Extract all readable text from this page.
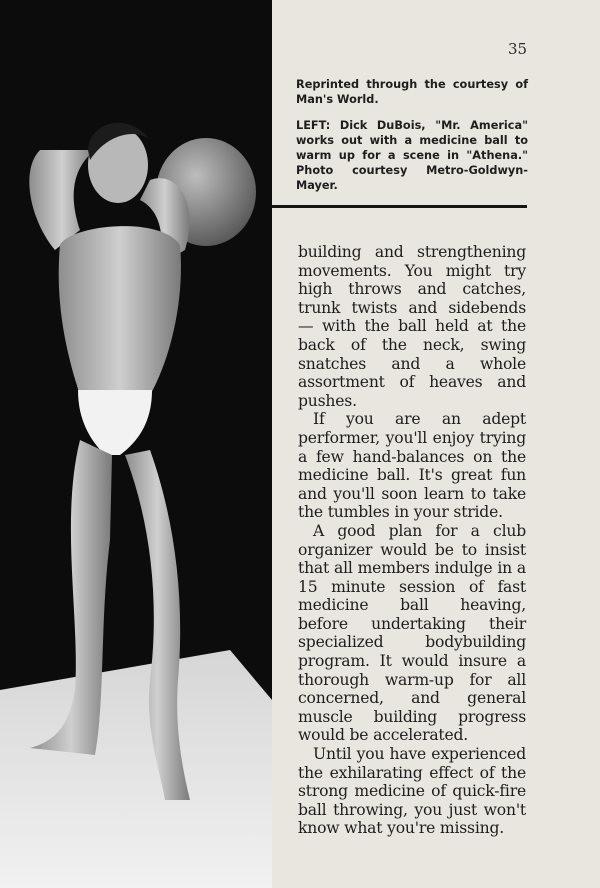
35
Reprinted through the courtesy of Man's World.
LEFT: Dick DuBois, "Mr. America" works out with a medicine ball to warm up for a scene in "Athena." Photo courtesy Metro-Goldwyn-Mayer.

building and strengthening movements. You might try high throws and catches, trunk twists and sidebends — with the ball held at the back of the neck, swing snatches and a whole assortment of heaves and pushes.

If you are an adept performer, you'll enjoy trying a few hand-balances on the medicine ball. It's great fun and you'll soon learn to take the tumbles in your stride.

A good plan for a club organizer would be to insist that all members indulge in a 15 minute session of fast medicine ball heaving, before undertaking their specialized bodybuilding program. It would insure a thorough warm-up for all concerned, and general muscle building progress would be accelerated.

Until you have experienced the exhilarating effect of the strong medicine of quick-fire ball throwing, you just won't know what you're missing.
